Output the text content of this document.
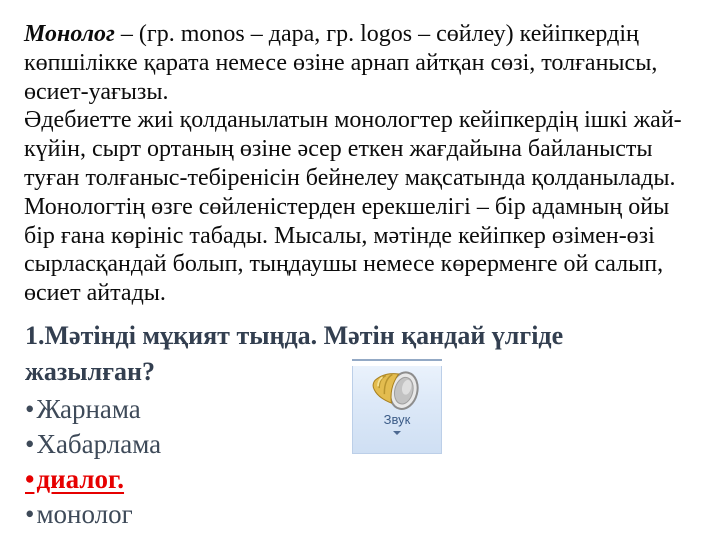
Монолог – (гр. monos – дара, гр. logos – сөйлеу) кейіпкердің
көпшілікке қарата немесе өзіне арнап айтқан сөзі, толғанысы,
өсиет-уағызы.
Әдебиетте жиі қолданылатын монологтер кейіпкердің ішкі жай-
күйін, сырт ортаның өзіне әсер еткен жағдайына байланысты
туған толғаныс-тебіренісін бейнелеу мақсатында қолданылады.
Монологтің өзге сөйленістерден ерекшелігі – бір адамның ойы
бір ғана көрініс табады. Мысалы, мәтінде кейіпкер өзімен-өзі
сырласқандай болып, тыңдаушы немесе көрерменге ой салып,
өсиет айтады.
1.Мәтінді мұқият тыңда. Мәтін қандай үлгіде
жазылған?
•Жарнама
•Хабарлама
•диалог.
•монолог
Звук
